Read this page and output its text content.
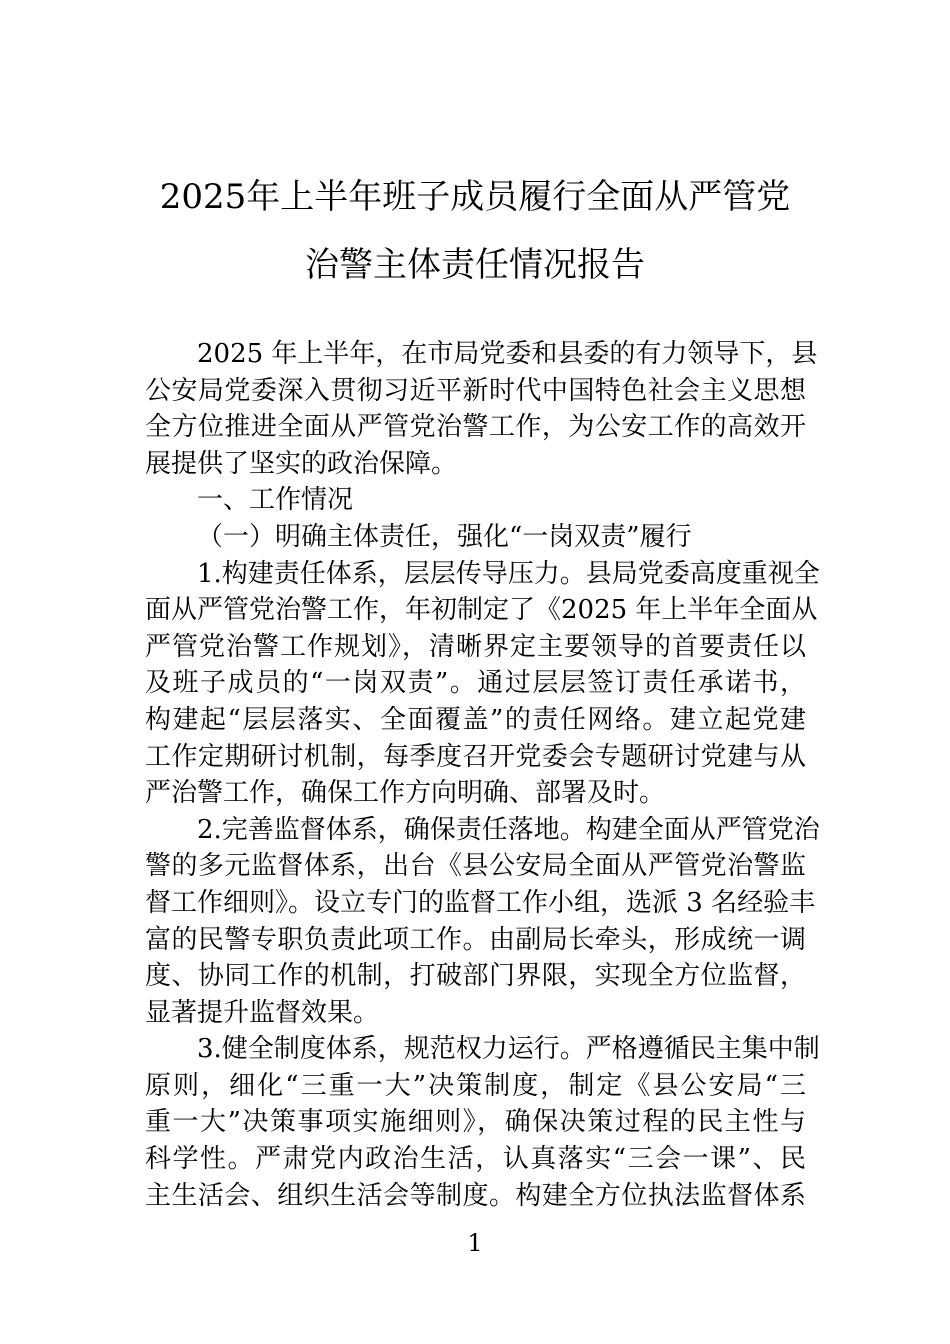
2025年上半年班子成员履行全面从严管党
治警主体责任情况报告
2025 年上半年，在市局党委和县委的有力领导下，县
公安局党委深入贯彻习近平新时代中国特色社会主义思想
全方位推进全面从严管党治警工作，为公安工作的高效开
展提供了坚实的政治保障。
一、工作情况
（一）明确主体责任，强化“一岗双责”履行
1.构建责任体系，层层传导压力。县局党委高度重视全
面从严管党治警工作，年初制定了《2025 年上半年全面从
严管党治警工作规划》，清晰界定主要领导的首要责任以
及班子成员的“一岗双责”。通过层层签订责任承诺书，
构建起“层层落实、全面覆盖”的责任网络。建立起党建
工作定期研讨机制，每季度召开党委会专题研讨党建与从
严治警工作，确保工作方向明确、部署及时。
2.完善监督体系，确保责任落地。构建全面从严管党治
警的多元监督体系，出台《县公安局全面从严管党治警监
督工作细则》。设立专门的监督工作小组，选派 3 名经验丰
富的民警专职负责此项工作。由副局长牵头，形成统一调
度、协同工作的机制，打破部门界限，实现全方位监督，
显著提升监督效果。
3.健全制度体系，规范权力运行。严格遵循民主集中制
原则，细化“三重一大”决策制度，制定《县公安局“三
重一大”决策事项实施细则》，确保决策过程的民主性与
科学性。严肃党内政治生活，认真落实“三会一课”、民
主生活会、组织生活会等制度。构建全方位执法监督体系
1
